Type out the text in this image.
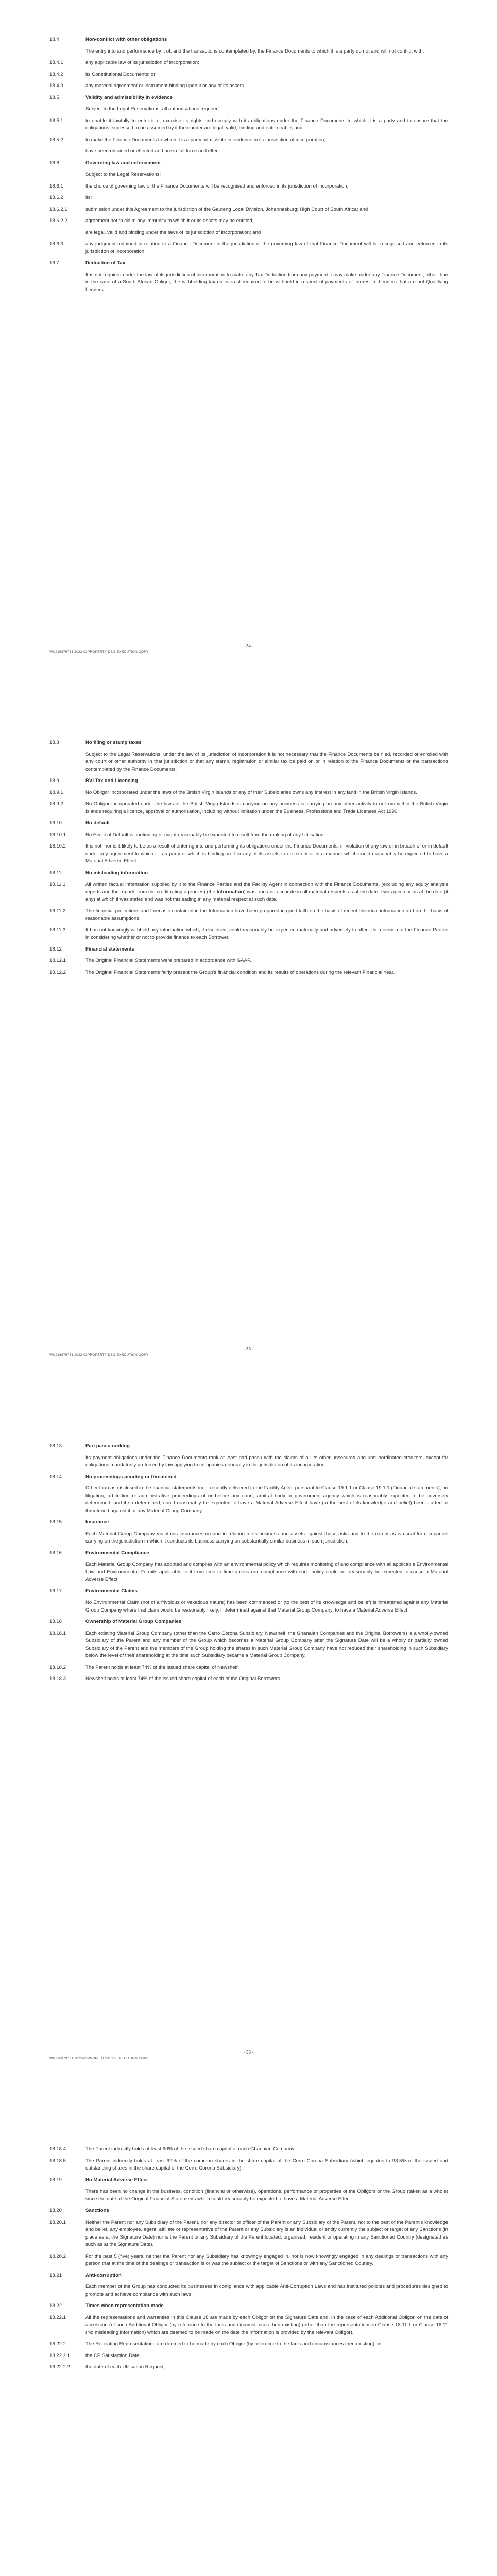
18.4	Non-conflict with other obligations
The entry into and performance by it of, and the transactions contemplated by, the Finance Documents to which it is a party do not and will not conflict with:
18.4.1	any applicable law of its jurisdiction of incorporation;
18.4.2	its Constitutional Documents; or
18.4.3	any material agreement or instrument binding upon it or any of its assets.
18.5	Validity and admissibility in evidence
Subject to the Legal Reservations, all authorisations required:
18.5.1	to enable it lawfully to enter into, exercise its rights and comply with its obligations under the Finance Documents to which it is a party and to ensure that the obligations expressed to be assumed by it thereunder are legal, valid, binding and enforceable; and
18.5.2	to make the Finance Documents to which it is a party admissible in evidence in its jurisdiction of incorporation,
have been obtained or effected and are in full force and effect.
18.6	Governing law and enforcement
Subject to the Legal Reservations:
18.6.1	the choice of governing law of the Finance Documents will be recognised and enforced in its jurisdiction of incorporation;
18.6.2	its:
18.6.2.1	submission under this Agreement to the jurisdiction of the Gauteng Local Division, Johannesburg; High Court of South Africa; and
18.6.2.2	agreement not to claim any immunity to which it or its assets may be entitled,
are legal, valid and binding under the laws of its jurisdiction of incorporation; and
18.6.3	any judgment obtained in relation to a Finance Document in the jurisdiction of the governing law of that Finance Document will be recognised and enforced in its jurisdiction of incorporation.
18.7	Deduction of Tax
It is not required under the law of its jurisdiction of incorporation to make any Tax Deduction from any payment it may make under any Finance Document, other than in the case of a South African Obligor, the withholding tax on interest required to be withheld in respect of payments of interest to Lenders that are not Qualifying Lenders.
- 34 -
WN216879731.2022-02PROPERTY-DSG-EXECUTION COPY
18.8	No filing or stamp taxes
Subject to the Legal Reservations, under the law of its jurisdiction of incorporation it is not necessary that the Finance Documents be filed, recorded or enrolled with any court or other authority in that jurisdiction or that any stamp, registration or similar tax be paid on or in relation to the Finance Documents or the transactions contemplated by the Finance Documents.
18.9	BVI Tax and Licencing
18.9.1	No Obligor incorporated under the laws of the British Virgin Islands or any of their Subsidiaries owns any interest in any land in the British Virgin Islands.
18.9.2	No Obligor incorporated under the laws of the British Virgin Islands is carrying on any business or carrying on any other activity in or from within the British Virgin Islands requiring a licence, approval or authorisation, including without limitation under the Business, Professions and Trade Licenses Act 1990.
18.10	No default
18.10.1	No Event of Default is continuing or might reasonably be expected to result from the making of any Utilisation.
18.10.2	It is not, nor is it likely to be as a result of entering into and performing its obligations under the Finance Documents, in violation of any law or in breach of or in default under any agreement to which it is a party or which is binding on it or any of its assets to an extent or in a manner which could reasonably be expected to have a Material Adverse Effect.
18.11	No misleading information
18.11.1	All written factual information supplied by it to the Finance Parties and the Facility Agent in connection with the Finance Documents, (excluding any equity analysis reports and the reports from the credit rating agencies) (the Information) was true and accurate in all material respects as at the date it was given or as at the date (if any) at which it was stated and was not misleading in any material respect at such date.
18.11.2	The financial projections and forecasts contained in the Information have been prepared in good faith on the basis of recent historical information and on the basis of reasonable assumptions.
18.11.3	It has not knowingly withheld any information which, if disclosed, could reasonably be expected materially and adversely to affect the decision of the Finance Parties in considering whether or not to provide finance to each Borrower.
18.12	Financial statements
18.12.1	The Original Financial Statements were prepared in accordance with GAAP.
18.12.2	The Original Financial Statements fairly present the Group's financial condition and its results of operations during the relevant Financial Year.
- 35 -
WN216879731.2022-02PROPERTY-DSG-EXECUTION COPY
18.13	Pari passu ranking
Its payment obligations under the Finance Documents rank at least pari passu with the claims of all its other unsecured and unsubordinated creditors, except for obligations mandatorily preferred by law applying to companies generally in the jurisdiction of its incorporation.
18.14	No proceedings pending or threatened
Other than as disclosed in the financial statements most recently delivered to the Facility Agent pursuant to Clause 19.1.1 or Clause 19.1.1 (Financial statements), no litigation, arbitration or administrative proceedings of or before any court, arbitral body or government agency which is reasonably expected to be adversely determined; and if so determined, could reasonably be expected to have a Material Adverse Effect have (to the best of its knowledge and belief) been started or threatened against it or any Material Group Company.
18.15	Insurance
Each Material Group Company maintains insurances on and in relation to its business and assets against those risks and to the extent as is usual for companies carrying on the jurisdiction in which it conducts its business carrying on substantially similar business in such jurisdiction.
18.16	Environmental Compliance
Each Material Group Company has adopted and complies with an environmental policy which requires monitoring of and compliance with all applicable Environmental Law and Environmental Permits applicable to it from time to time unless non-compliance with such policy could not reasonably be expected to cause a Material Adverse Effect.
18.17	Environmental Claims
No Environmental Claim (not of a frivolous or vexatious nature) has been commenced or (to the best of its knowledge and belief) is threatened against any Material Group Company where that claim would be reasonably likely, if determined against that Material Group Company, to have a Material Adverse Effect.
18.18	Ownership of Material Group Companies
18.18.1	Each existing Material Group Company (other than the Cerro Corona Subsidiary, Newshelf, the Ghanaian Companies and the Original Borrowers) is a wholly-owned Subsidiary of the Parent and any member of the Group which becomes a Material Group Company after the Signature Date will be a wholly or partially owned Subsidiary of the Parent and the members of the Group holding the shares in such Material Group Company have not reduced their shareholding in such Subsidiary below the level of their shareholding at the time such Subsidiary became a Material Group Company.
18.18.2	The Parent holds at least 74% of the issued share capital of Newshelf.
18.18.3	Newshelf holds at least 74% of the issued share capital of each of the Original Borrowers.
- 36 -
WN216879731.2022-02PROPERTY-DSG-EXECUTION COPY
18.18.4	The Parent indirectly holds at least 90% of the issued share capital of each Ghanaian Company.
18.18.5	The Parent indirectly holds at least 99% of the common shares in the share capital of the Cerro Corona Subsidiary (which equates to 98.5% of the issued and outstanding shares in the share capital of the Cerro Corona Subsidiary).
18.19	No Material Adverse Effect
There has been no change in the business, condition (financial or otherwise), operations, performance or properties of the Obligors or the Group (taken as a whole) since the date of the Original Financial Statements which could reasonably be expected to have a Material Adverse Effect.
18.20	Sanctions
18.20.1	Neither the Parent nor any Subsidiary of the Parent, nor any director or officer of the Parent or any Subsidiary of the Parent, nor to the best of the Parent's knowledge and belief, any employee, agent, affiliate or representative of the Parent or any Subsidiary is an individual or entity currently the subject or target of any Sanctions (in place as at the Signature Date) nor is the Parent or any Subsidiary of the Parent located, organised, resident or operating in any Sanctioned Country (designated as such as at the Signature Date).
18.20.2	For the past 5 (five) years, neither the Parent nor any Subsidiary has knowingly engaged in, nor is now knowingly engaged in any dealings or transactions with any person that at the time of the dealings or transaction is or was the subject or the target of Sanctions or with any Sanctioned Country.
18.21	Anti-corruption
Each member of the Group has conducted its businesses in compliance with applicable Anti-Corruption Laws and has instituted policies and procedures designed to promote and achieve compliance with such laws.
18.22	Times when representation made
18.22.1	All the representations and warranties in this Clause 18 are made by each Obligor on the Signature Date and, in the case of each Additional Obligor, on the date of accession (of such Additional Obligor (by reference to the facts and circumstances then existing) (other than the representations in Clause 18.11.1 or Clause 18.11 (No misleading information) which are deemed to be made on the date the Information is provided by the relevant Obligor).
18.22.2	The Repeating Representations are deemed to be made by each Obligor (by reference to the facts and circumstances then existing) on:
18.22.2.1	the CP Satisfaction Date;
18.22.2.2	the date of each Utilisation Request;
